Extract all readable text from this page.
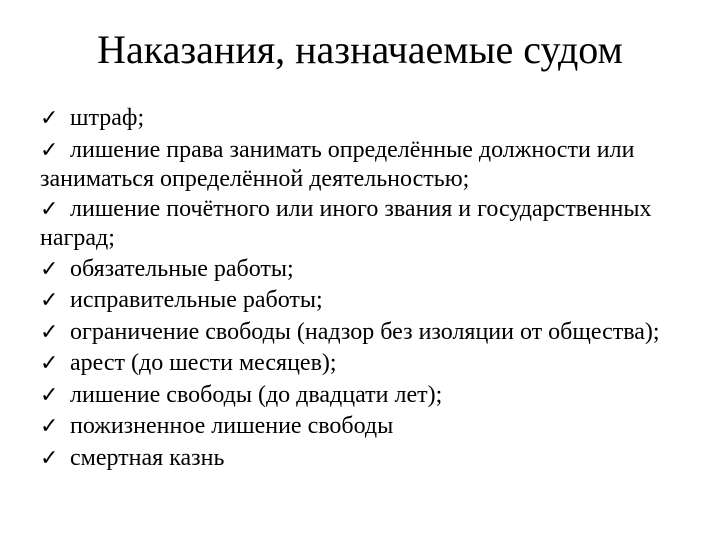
Наказания, назначаемые судом
✓ штраф;
✓ лишение права занимать определённые должности или заниматься определённой деятельностью;
✓ лишение почётного или иного звания и государственных наград;
✓ обязательные работы;
✓ исправительные работы;
✓ ограничение свободы (надзор без изоляции от общества);
✓ арест (до шести месяцев);
✓ лишение свободы (до двадцати лет);
✓ пожизненное лишение свободы
✓ смертная казнь
